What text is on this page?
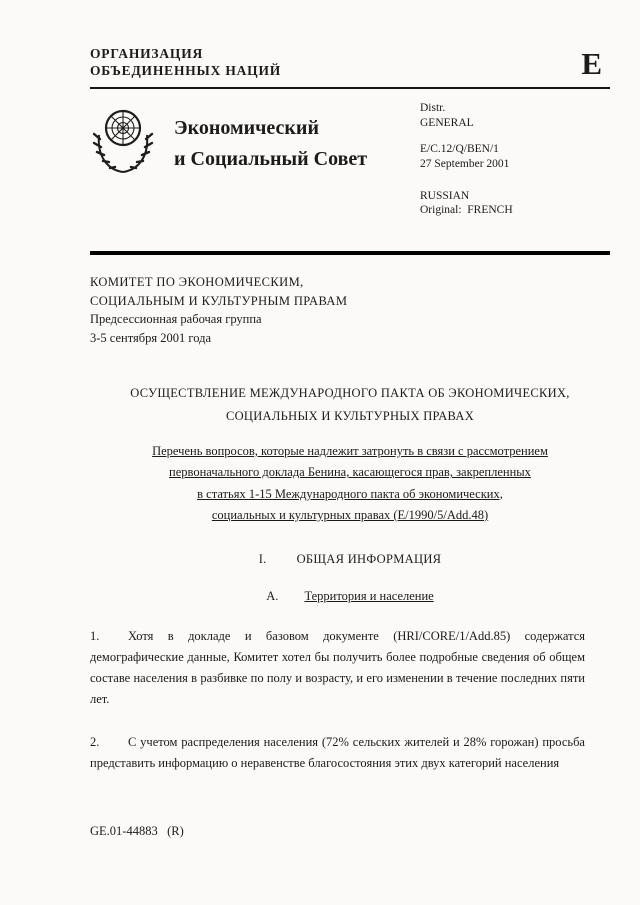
ОРГАНИЗАЦИЯ
ОБЪЕДИНЕННЫХ НАЦИЙ	E
Экономический
и Социальный Совет
Distr.
GENERAL
E/C.12/Q/BEN/1
27 September 2001
RUSSIAN
Original:  FRENCH
КОМИТЕТ ПО ЭКОНОМИЧЕСКИМ,
СОЦИАЛЬНЫМ И КУЛЬТУРНЫМ ПРАВАМ
Предсессионная рабочая группа
3-5 сентября 2001 года
ОСУЩЕСТВЛЕНИЕ МЕЖДУНАРОДНОГО ПАКТА ОБ ЭКОНОМИЧЕСКИХ,
СОЦИАЛЬНЫХ И КУЛЬТУРНЫХ ПРАВАХ
Перечень вопросов, которые надлежит затронуть в связи с рассмотрением
первоначального доклада Бенина, касающегося прав, закрепленных
в статьях 1-15 Международного пакта об экономических,
социальных и культурных правах (E/1990/5/Add.48)
I. ОБЩАЯ ИНФОРМАЦИЯ
A. Территория и население

1. Хотя в докладе и базовом документе (HRI/CORE/1/Add.85) содержатся демографические данные, Комитет хотел бы получить более подробные сведения об общем составе населения в разбивке по полу и возрасту, и его изменении в течение последних пяти лет.

2. С учетом распределения населения (72% сельских жителей и 28% горожан) просьба представить информацию о неравенстве благосостояния этих двух категорий населения

GE.01-44883   (R)
